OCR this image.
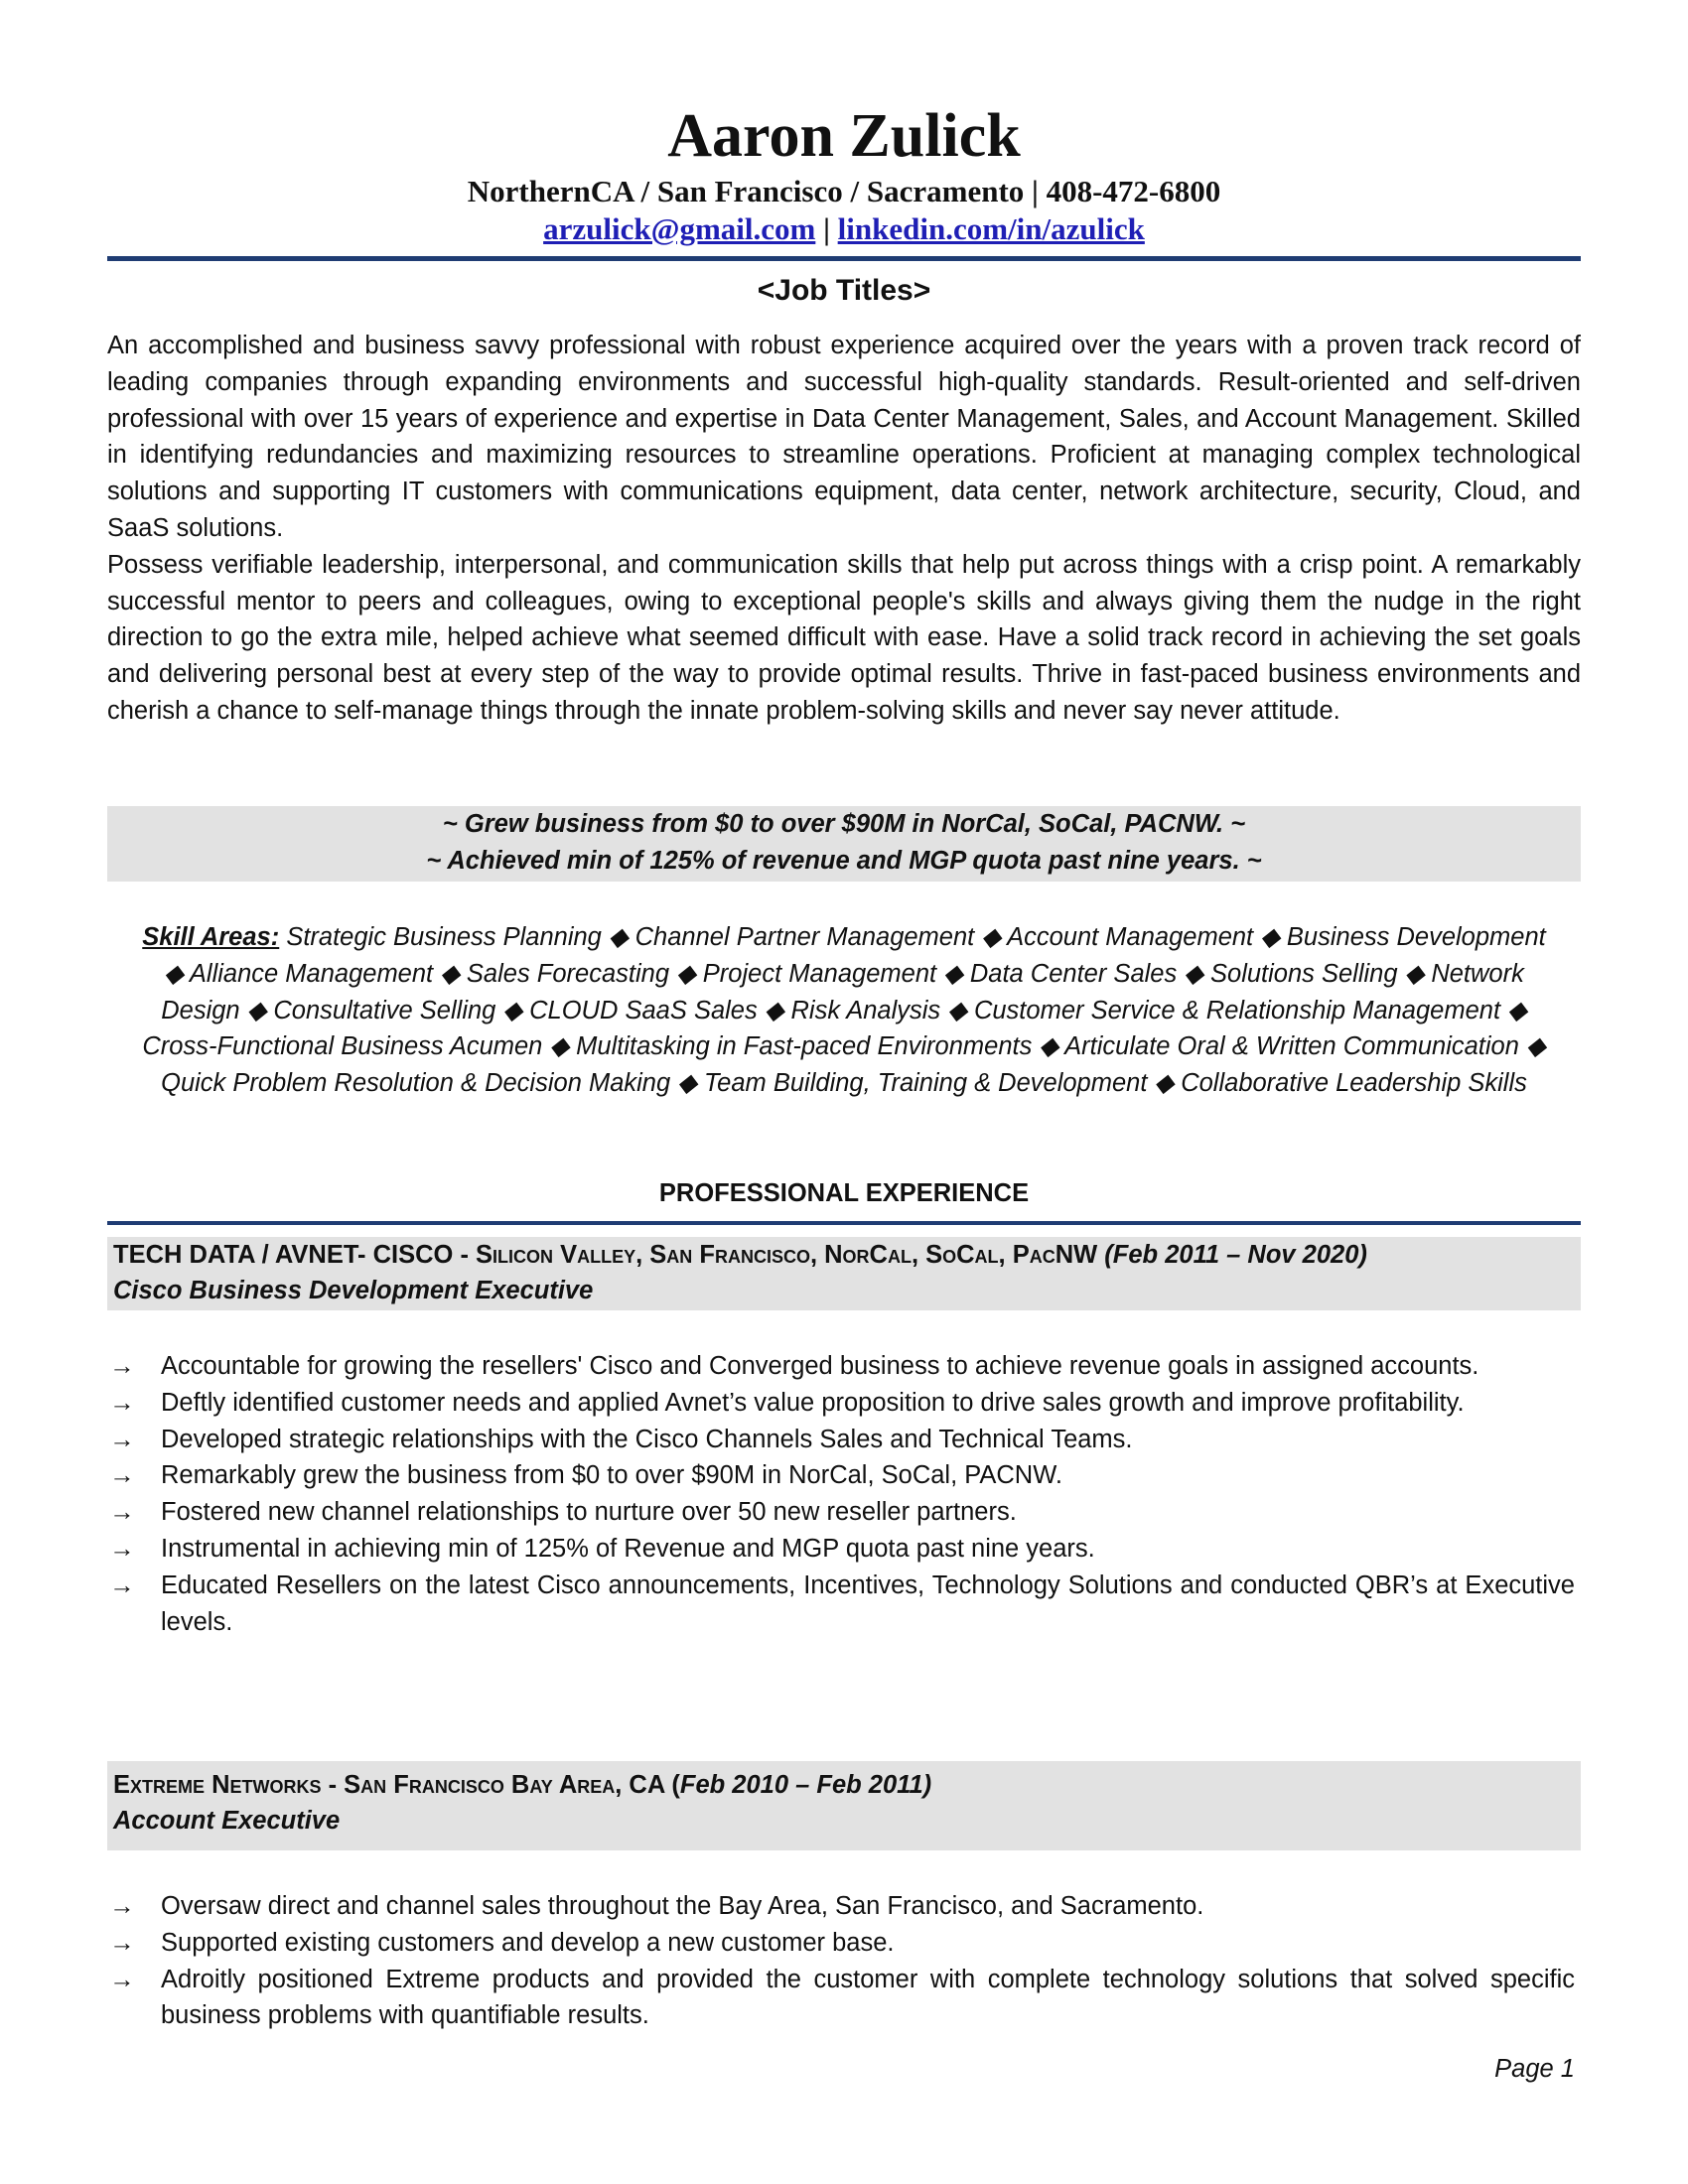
Aaron Zulick
NorthernCA / San Francisco / Sacramento | 408-472-6800
arzulick@gmail.com | linkedin.com/in/azulick
<Job Titles>

An accomplished and business savvy professional with robust experience acquired over the years with a proven track record of leading companies through expanding environments and successful high-quality standards. Result-oriented and self-driven professional with over 15 years of experience and expertise in Data Center Management, Sales, and Account Management. Skilled in identifying redundancies and maximizing resources to streamline operations. Proficient at managing complex technological solutions and supporting IT customers with communications equipment, data center, network architecture, security, Cloud, and SaaS solutions.

Possess verifiable leadership, interpersonal, and communication skills that help put across things with a crisp point. A remarkably successful mentor to peers and colleagues, owing to exceptional people's skills and always giving them the nudge in the right direction to go the extra mile, helped achieve what seemed difficult with ease. Have a solid track record in achieving the set goals and delivering personal best at every step of the way to provide optimal results. Thrive in fast-paced business environments and cherish a chance to self-manage things through the innate problem-solving skills and never say never attitude.

~ Grew business from $0 to over $90M in NorCal, SoCal, PACNW. ~
~ Achieved min of 125% of revenue and MGP quota past nine years. ~
Skill Areas: Strategic Business Planning ◆ Channel Partner Management ◆ Account Management ◆ Business Development ◆ Alliance Management ◆ Sales Forecasting ◆ Project Management ◆ Data Center Sales ◆ Solutions Selling ◆ Network Design ◆ Consultative Selling ◆ CLOUD SaaS Sales ◆ Risk Analysis ◆ Customer Service & Relationship Management ◆ Cross-Functional Business Acumen ◆ Multitasking in Fast-paced Environments ◆ Articulate Oral & Written Communication ◆ Quick Problem Resolution & Decision Making ◆ Team Building, Training & Development ◆ Collaborative Leadership Skills
PROFESSIONAL EXPERIENCE
TECH DATA / AVNET- CISCO - Silicon Valley, San Francisco, NorCal, SoCal, PacNW (Feb 2011 – Nov 2020)
Cisco Business Development Executive
→ Accountable for growing the resellers' Cisco and Converged business to achieve revenue goals in assigned accounts.
→ Deftly identified customer needs and applied Avnet’s value proposition to drive sales growth and improve profitability.
→ Developed strategic relationships with the Cisco Channels Sales and Technical Teams.
→ Remarkably grew the business from $0 to over $90M in NorCal, SoCal, PACNW.
→ Fostered new channel relationships to nurture over 50 new reseller partners.
→ Instrumental in achieving min of 125% of Revenue and MGP quota past nine years.
→ Educated Resellers on the latest Cisco announcements, Incentives, Technology Solutions and conducted QBR’s at Executive levels.
Extreme Networks - San Francisco Bay Area, CA (Feb 2010 – Feb 2011)
Account Executive
→ Oversaw direct and channel sales throughout the Bay Area, San Francisco, and Sacramento.
→ Supported existing customers and develop a new customer base.
→ Adroitly positioned Extreme products and provided the customer with complete technology solutions that solved specific business problems with quantifiable results.
Page 1
